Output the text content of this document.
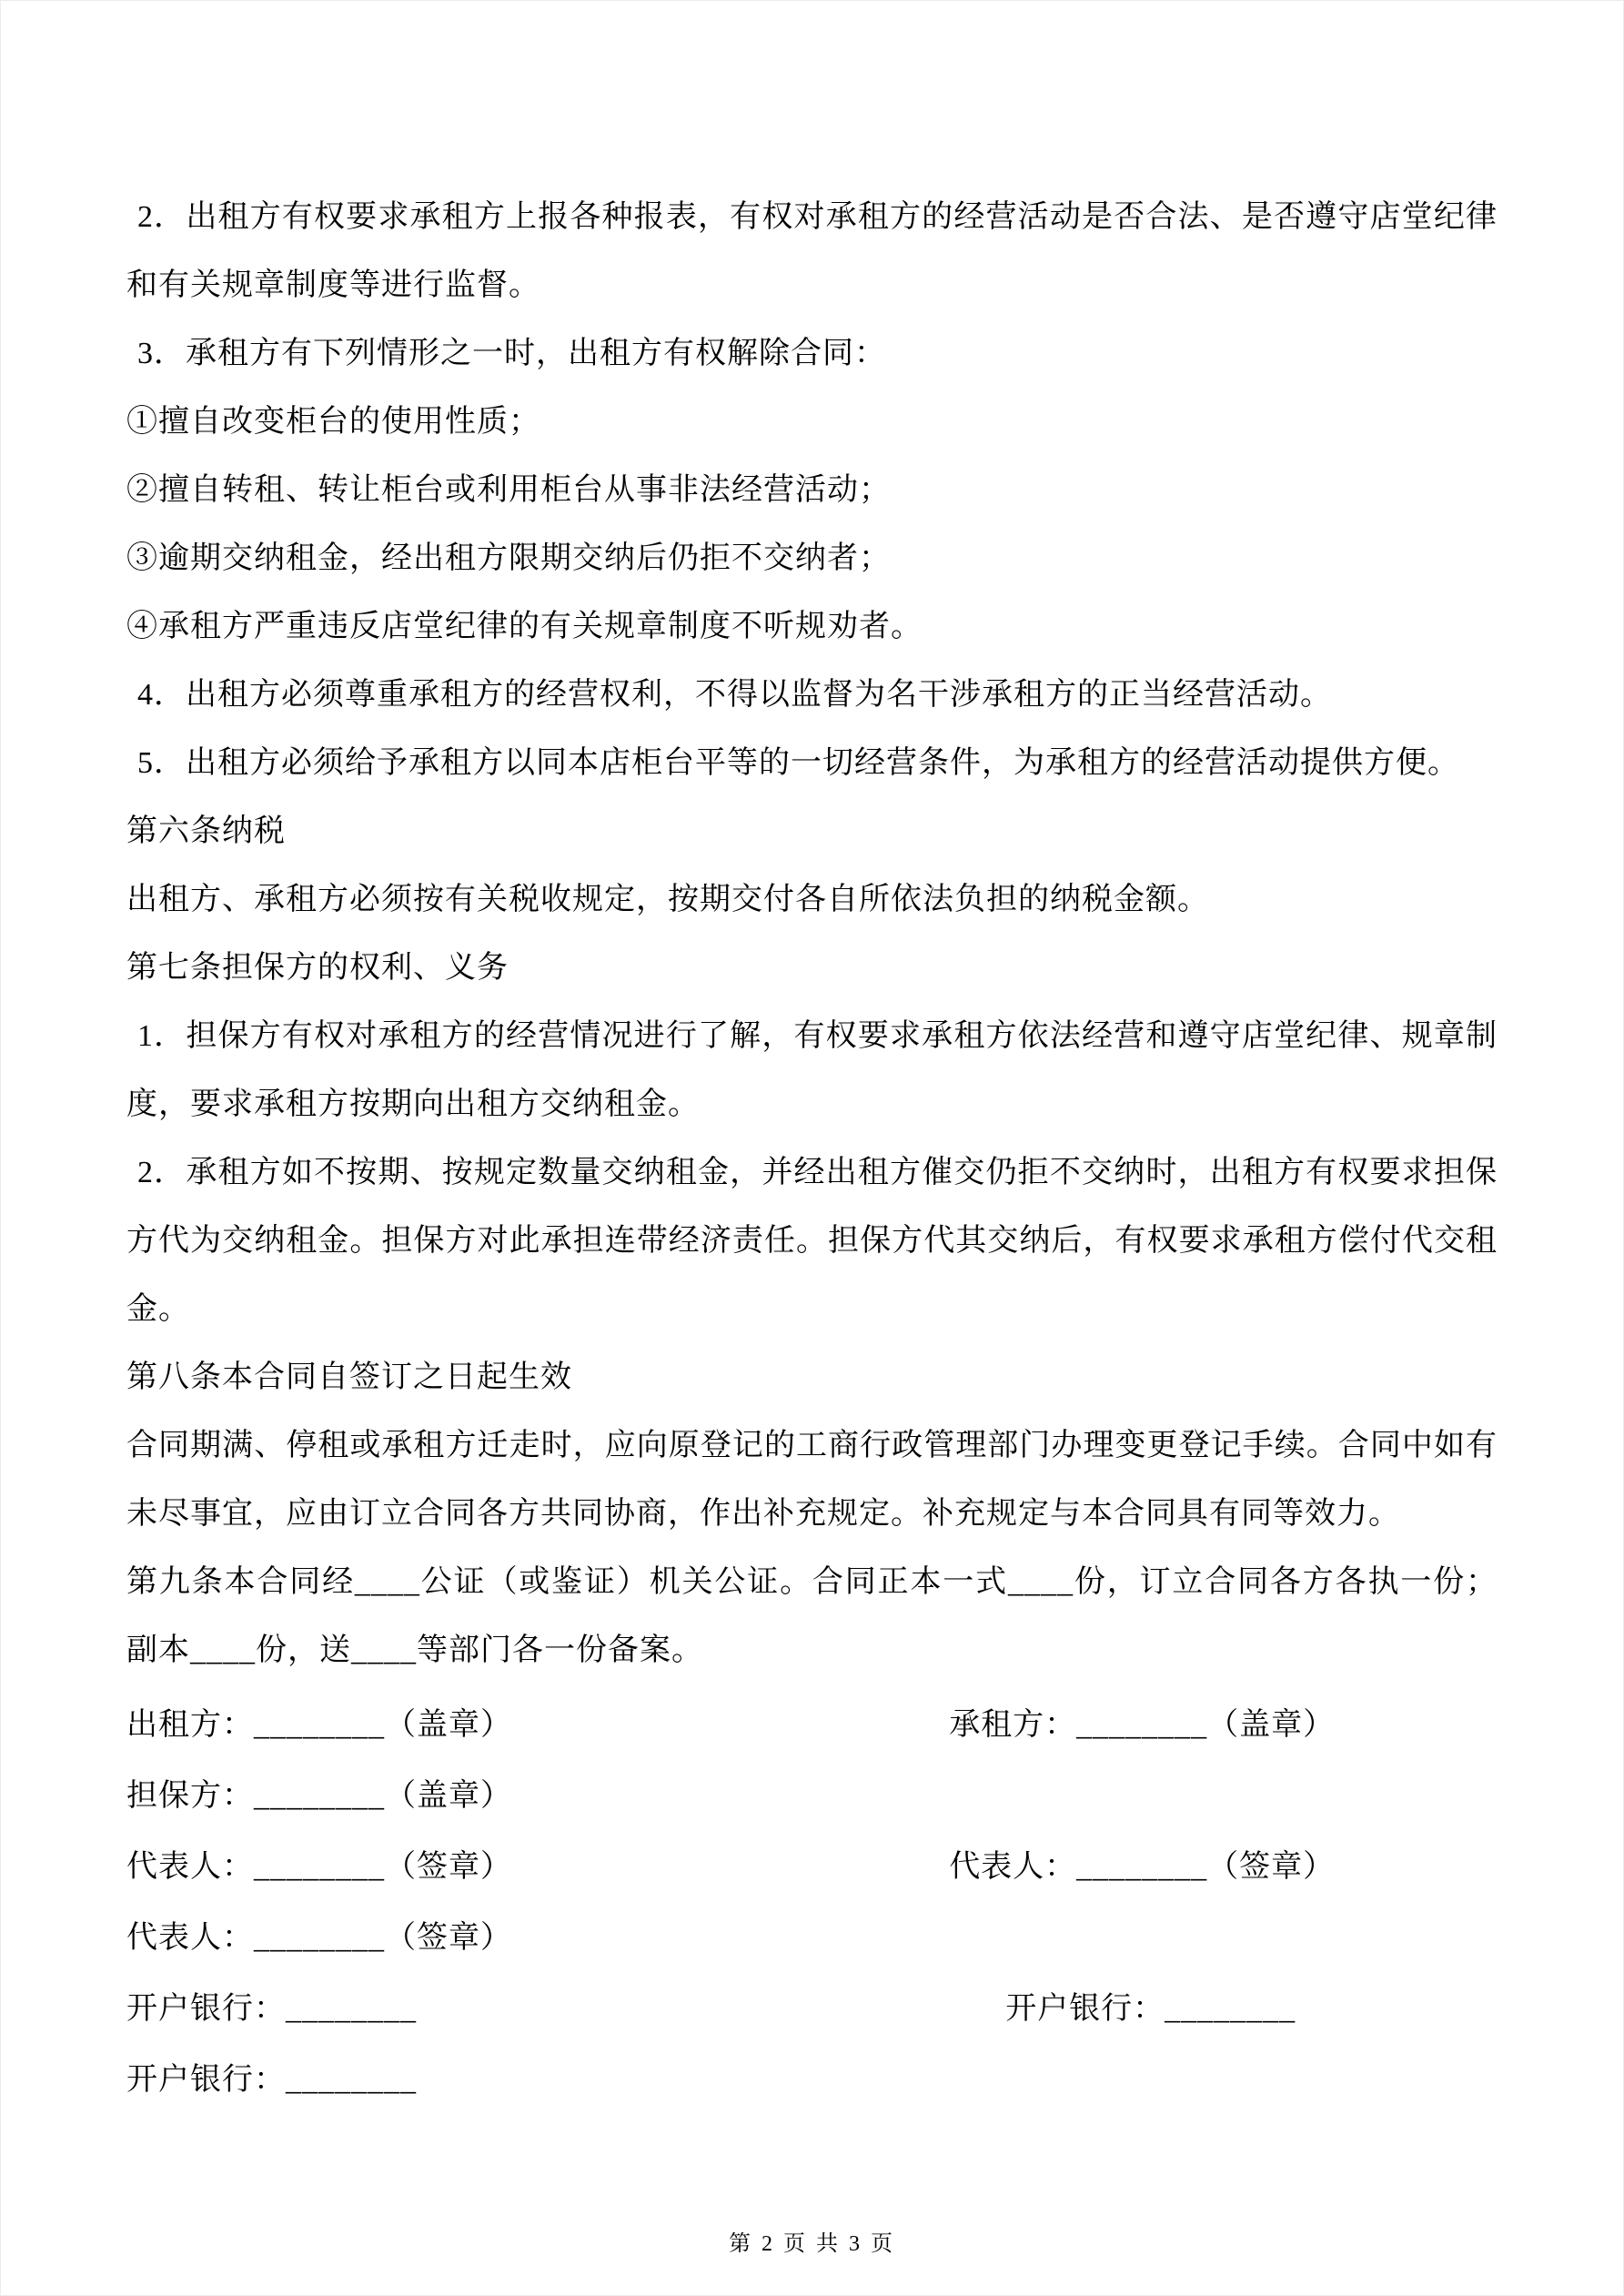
2．出租方有权要求承租方上报各种报表，有权对承租方的经营活动是否合法、是否遵守店堂纪律和有关规章制度等进行监督。

3．承租方有下列情形之一时，出租方有权解除合同：

①擅自改变柜台的使用性质；

②擅自转租、转让柜台或利用柜台从事非法经营活动；

③逾期交纳租金，经出租方限期交纳后仍拒不交纳者；

④承租方严重违反店堂纪律的有关规章制度不听规劝者。

4．出租方必须尊重承租方的经营权利，不得以监督为名干涉承租方的正当经营活动。

5．出租方必须给予承租方以同本店柜台平等的一切经营条件，为承租方的经营活动提供方便。

第六条纳税

出租方、承租方必须按有关税收规定，按期交付各自所依法负担的纳税金额。

第七条担保方的权利、义务

1．担保方有权对承租方的经营情况进行了解，有权要求承租方依法经营和遵守店堂纪律、规章制度，要求承租方按期向出租方交纳租金。

2．承租方如不按期、按规定数量交纳租金，并经出租方催交仍拒不交纳时，出租方有权要求担保方代为交纳租金。担保方对此承担连带经济责任。担保方代其交纳后，有权要求承租方偿付代交租金。

第八条本合同自签订之日起生效

合同期满、停租或承租方迁走时，应向原登记的工商行政管理部门办理变更登记手续。合同中如有未尽事宜，应由订立合同各方共同协商，作出补充规定。补充规定与本合同具有同等效力。

第九条本合同经____公证（或鉴证）机关公证。合同正本一式____份，订立合同各方各执一份；副本____份，送____等部门各一份备案。

出租方：________（盖章）	承租方：________（盖章）
担保方：________（盖章）
代表人：________（签章）	代表人：________（签章）
代表人：________（签章）
开户银行：________	开户银行：________
开户银行：________
第 2 页 共 3 页
